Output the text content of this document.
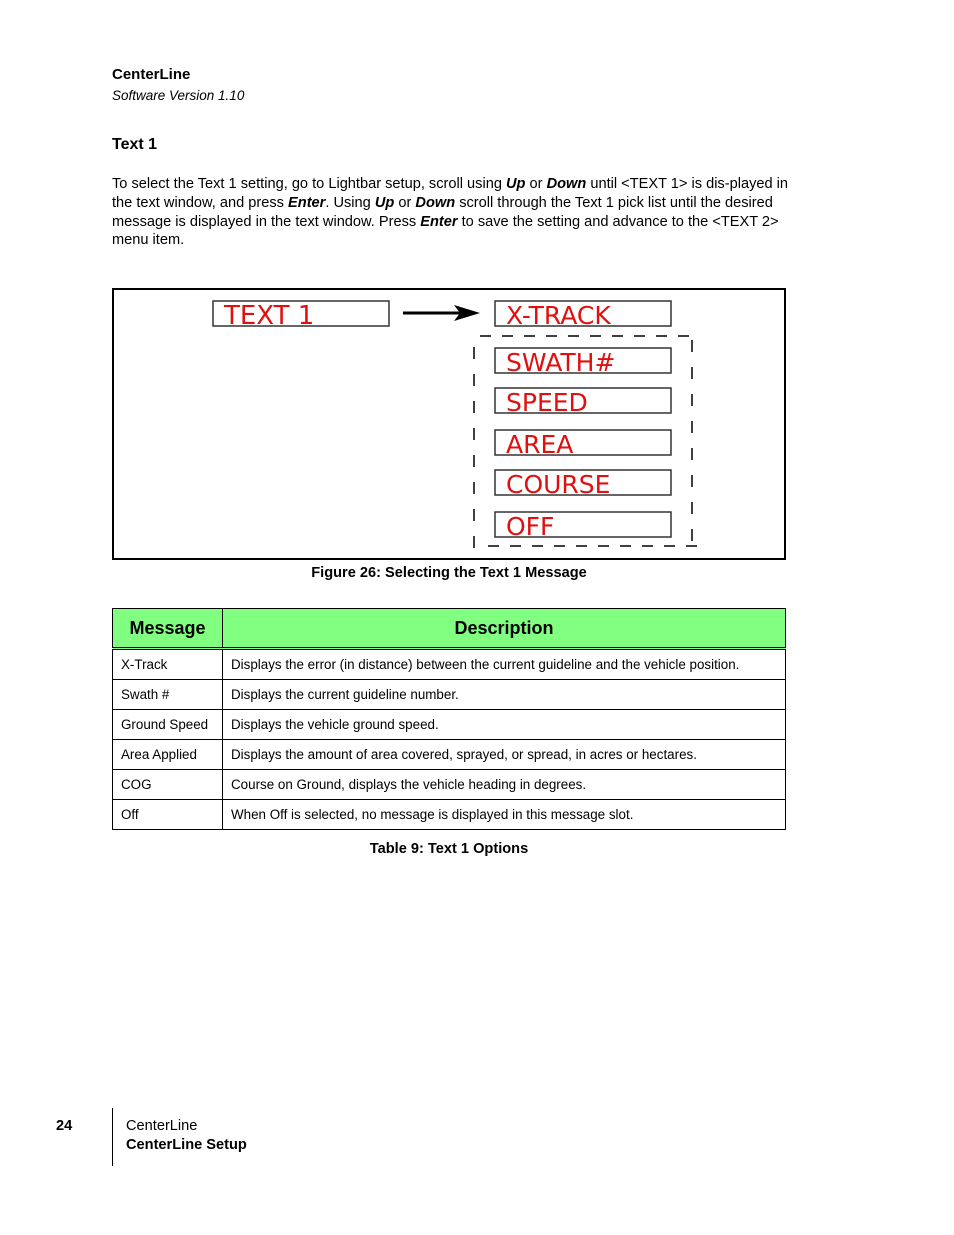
CenterLine
Software Version 1.10
Text 1
To select the Text 1 setting, go to Lightbar setup, scroll using Up or Down until <TEXT 1> is dis-played in the text window, and press Enter. Using Up or Down scroll through the Text 1 pick list until the desired message is displayed in the text window. Press Enter to save the setting and advance to the <TEXT 2> menu item.
TEXT 1	X-TRACK
SWATH#
SPEED
AREA
COURSE
OFF
Figure 26: Selecting the Text 1 Message
Message	Description
X-Track	Displays the error (in distance) between the current guideline and the vehicle position.
Swath #	Displays the current guideline number.
Ground Speed	Displays the vehicle ground speed.
Area Applied	Displays the amount of area covered, sprayed, or spread, in acres or hectares.
COG	Course on Ground, displays the vehicle heading in degrees.
Off	When Off is selected, no message is displayed in this message slot.
Table 9: Text 1 Options
24	CenterLine
CenterLine Setup
